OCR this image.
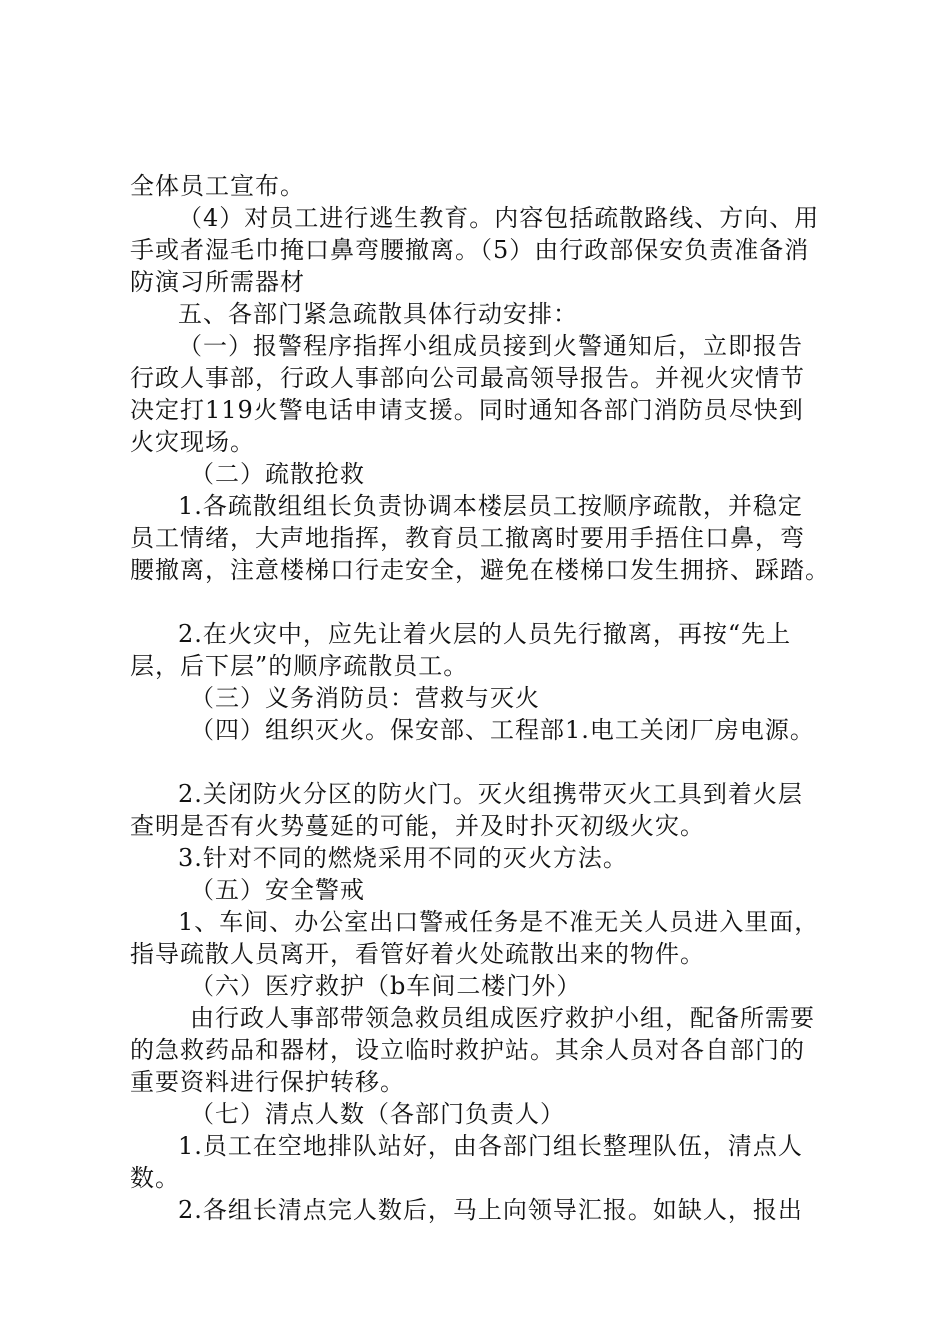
全体员工宣布。
（4）对员工进行逃生教育。内容包括疏散路线、方向、用
手或者湿毛巾掩口鼻弯腰撤离。（5）由行政部保安负责准备消
防演习所需器材
五、各部门紧急疏散具体行动安排：
（一）报警程序指挥小组成员接到火警通知后，立即报告
行政人事部，行政人事部向公司最高领导报告。并视火灾情节
决定打119火警电话申请支援。同时通知各部门消防员尽快到
火灾现场。
（二）疏散抢救
1.各疏散组组长负责协调本楼层员工按顺序疏散，并稳定
员工情绪，大声地指挥，教育员工撤离时要用手捂住口鼻，弯
腰撤离，注意楼梯口行走安全，避免在楼梯口发生拥挤、踩踏。
2.在火灾中，应先让着火层的人员先行撤离，再按“先上
层，后下层”的顺序疏散员工。
（三）义务消防员：营救与灭火
（四）组织灭火。保安部、工程部1.电工关闭厂房电源。
2.关闭防火分区的防火门。灭火组携带灭火工具到着火层
查明是否有火势蔓延的可能，并及时扑灭初级火灾。
3.针对不同的燃烧采用不同的灭火方法。
（五）安全警戒
1、车间、办公室出口警戒任务是不准无关人员进入里面，
指导疏散人员离开，看管好着火处疏散出来的物件。
（六）医疗救护（b车间二楼门外）
由行政人事部带领急救员组成医疗救护小组，配备所需要
的急救药品和器材，设立临时救护站。其余人员对各自部门的
重要资料进行保护转移。
（七）清点人数（各部门负责人）
1.员工在空地排队站好，由各部门组长整理队伍，清点人
数。
2.各组长清点完人数后，马上向领导汇报。如缺人，报出
